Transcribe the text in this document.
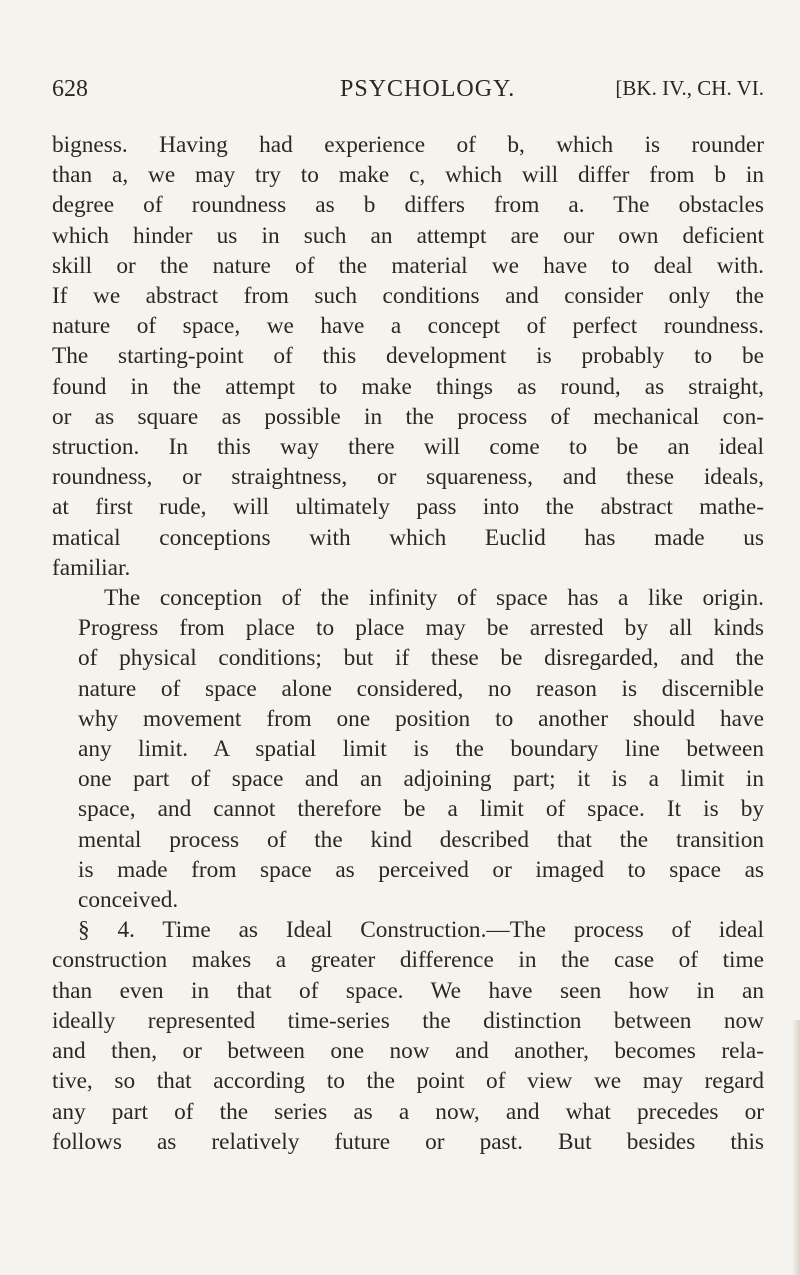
628	PSYCHOLOGY.	[BK. IV., CH. VI.

bigness. Having had experience of b, which is rounder
than a, we may try to make c, which will differ from b in
degree of roundness as b differs from a. The obstacles
which hinder us in such an attempt are our own deficient
skill or the nature of the material we have to deal with.
If we abstract from such conditions and consider only the
nature of space, we have a concept of perfect roundness.
The starting-point of this development is probably to be
found in the attempt to make things as round, as straight,
or as square as possible in the process of mechanical con-
struction. In this way there will come to be an ideal
roundness, or straightness, or squareness, and these ideals,
at first rude, will ultimately pass into the abstract mathe-
matical conceptions with which Euclid has made us
familiar.

The conception of the infinity of space has a like origin.
Progress from place to place may be arrested by all kinds
of physical conditions; but if these be disregarded, and the
nature of space alone considered, no reason is discernible
why movement from one position to another should have
any limit. A spatial limit is the boundary line between
one part of space and an adjoining part; it is a limit in
space, and cannot therefore be a limit of space. It is by
mental process of the kind described that the transition
is made from space as perceived or imaged to space as
conceived.

§ 4. Time as Ideal Construction.—The process of ideal
construction makes a greater difference in the case of time
than even in that of space. We have seen how in an
ideally represented time-series the distinction between now
and then, or between one now and another, becomes rela-
tive, so that according to the point of view we may regard
any part of the series as a now, and what precedes or
follows as relatively future or past. But besides this
